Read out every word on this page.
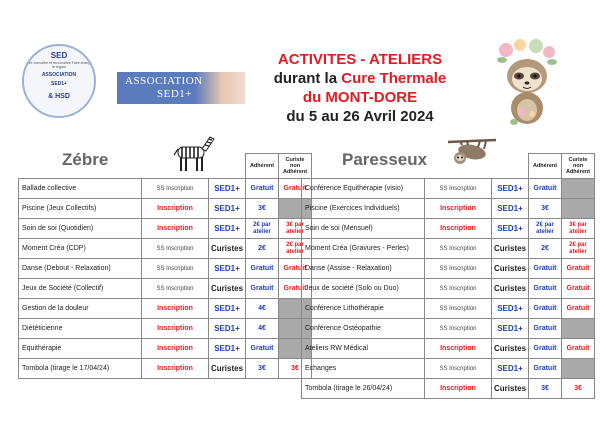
SED
Faire connaître et reconnaître Faire changer le regard
ASSOCIATION
SED1+
& HSD
ASSOCIATION
SED1+
ACTIVITES - ATELIERS
durant la Cure Thermale
du MONT-DORE
du 5 au 26 Avril 2024
Zébre
			Adhérent	Curiste non Adhérent
Ballade collective	SS Inscription	SED1+	Gratuit	Gratuit
Piscine (Jeux Collectifs)	Inscription	SED1+	3€	
Soin de soi (Quotidien)	Inscription	SED1+	2€ par atelier	3€ par atelier
Moment Créa (CDP)	SS Inscription	Curistes	2€	2€ par atelier
Danse (Debout - Relaxation)	SS Inscription	SED1+	Gratuit	Gratuit
Jeux de Société (Collectif)	SS Inscription	Curistes	Gratuit	Gratuit
Gestion de la douleur	Inscription	SED1+	4€	
Diététicienne	Inscription	SED1+	4€	
Equithérapie	Inscription	SED1+	Gratuit	
Tombola (tirage le 17/04/24)	Inscription	Curistes	3€	3€
Paresseux
			Adhérent	Curiste non Adhérent
Conférence Equithérapie (visio)	SS Inscription	SED1+	Gratuit	
Piscine (Exercices Individuels)	Inscription	SED1+	3€	
Soin de soi (Mensuel)	Inscription	SED1+	2€ par atelier	3€ par atelier
Moment Créa (Gravures - Perles)	SS Inscription	Curistes	2€	2€ par atelier
Danse (Assise - Relaxation)	SS Inscription	Curistes	Gratuit	Gratuit
Jeux de société (Solo ou Duo)	SS Inscription	Curistes	Gratuit	Gratuit
Conférence Lithothérapie	SS Inscription	SED1+	Gratuit	Gratuit
Conférence Ostéopathie	SS Inscription	SED1+	Gratuit	
Ateliers RW Médical	Inscription	Curistes	Gratuit	Gratuit
Echanges	SS Inscription	SED1+	Gratuit	
Tombola (tirage le 26/04/24)	Inscription	Curistes	3€	3€
